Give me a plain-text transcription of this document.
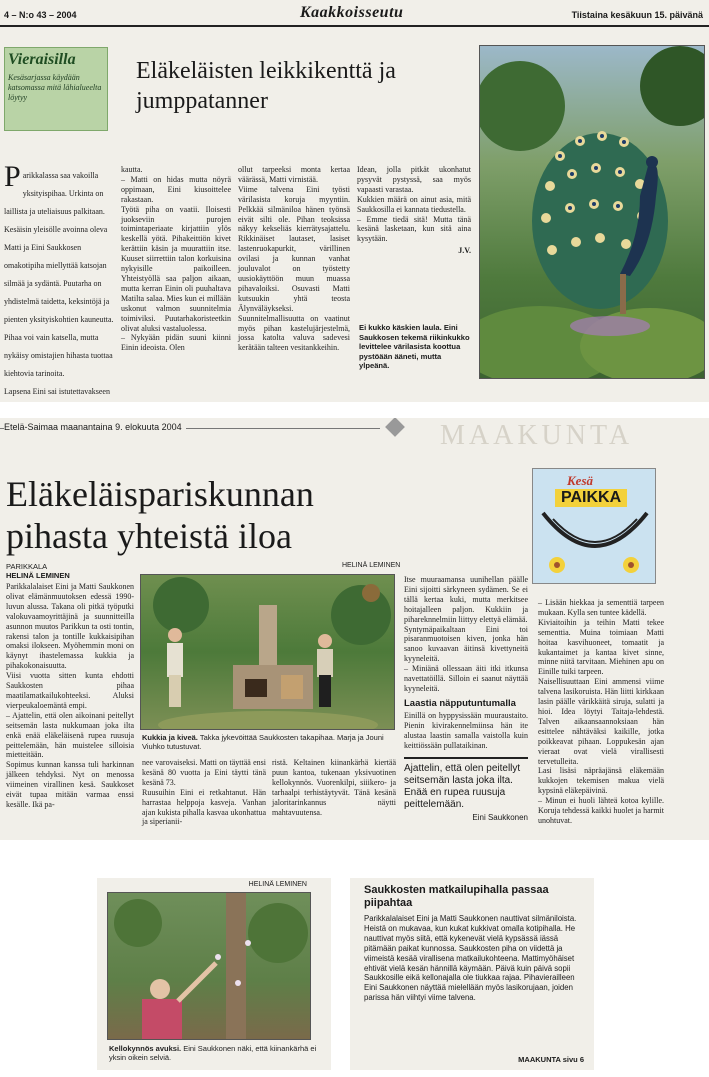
4 – N:o 43 – 2004	Kaakkoisseutu	Tiistaina kesäkuun 15. päivänä
Vieraisilla
Kesäsarjassa käydään katsomassa mitä lähialueelta löytyy
Eläkeläisten leikkikenttä ja jumppatanner
P arikkalassa saa vakoilla yksityispihaa. Urkinta on laillista ja uteliaisuus palkitaan. Kesäisin yleisölle avoinna oleva Matti ja Eini Saukkosen omakotipiha miellyttää katsojan silmää ja sydäntä. Puutarha on yhdistelmä taidetta, keksintöjä ja pienten yksityiskohtien kauneutta. Pihaa voi vain katsella, mutta nykäisy omistajien hihasta tuottaa kiehtovia tarinoita.
Lapsena Eini sai istutettavakseen
kautta.
– Matti on hidas mutta nöyrä oppimaan, Eini kiusoittelee rakastaan.
Työtä piha on vaatii. Iloisesti juokseviin purojen toimintaperiaate kirjattiin ylös keskellä yötä. Pihakeittiön kivet kerättiin käsin ja muurattiin itse. Kuuset siirrettiin talon korkuisina nykyisille paikoilleen. Yhteistyöllä saa paljon aikaan, mutta kerran Einin oli puuhaltava Matilta salaa. Mies kun ei millään uskonut valmon suunnitelmia toimiviksi. Puutarhakoristeetkin olivat aluksi vastaluolessa.
– Nykyään pidän suuni kiinni Einin ideoista. Olen
ollut tarpeeksi monta kertaa väärässä, Matti virnistää.
Viime talvena Eini työsti värilasista koruja myyntiin. Pelkkää silmäniloa hänen työnsä eivät silti ole. Pihan teoksissa näkyy kekseliäs kierrätysajattelu. Rikkinäiset lautaset, lasiset lastenruokapurkit, värillinen ovilasi ja kunnan vanhat jouluvalot on työstetty uusiokäyttöön muun muassa pihavaloiksi. Osuvasti Matti kutsuukin yhtä teosta Älynväläykseksi.
Suunnitelmallisuutta on vaatinut myös pihan kastelujärjestelmä, jossa katolta valuva sadevesi kerätään talteen vesitankkeihin.
Idean, jolla pitkät ukonhatut pysyvät pystyssä, saa myös vapaasti varastaa.
Kukkien määrä on ainut asia, mitä Saukkosilla ei kannata tiedustella.
– Emme tiedä sitä! Mutta tänä kesänä lasketaan, kun sitä aina kysytään.
J.V.
Ei kukko käskien laula. Eini Saukkosen tekemä riikinkukko levittelee värilasista koottua pystöään ääneti, mutta ylpeänä.
Etelä-Saimaa maanantaina 9. elokuuta 2004	MAAKUNTA
Eläkeläispariskunnan
pihasta yhteistä iloa
Kesä
PAIKKA
PARIKKALA
HELINÄ LEMINEN
Parikkalalaiset Eini ja Matti Saukkonen olivat elämänmuutoksen edessä 1990-luvun alussa. Takana oli pitkä työputki valokuvaamoyrittäjinä ja suunnitteilla asunnon muutos Parikkun ta osti tontin, rakensi talon ja tontille kukkaisipihan omaksi ilokseen. Myöhemmin moni on käynyt ihastelemassa kukkia ja pihakokonaisuutta.
Viisi vuotta sitten kunta ehdotti Saukkosten pihaa maatilamatkailukohteeksi. Aluksi vierpeukaloemäntä empi.
– Ajattelin, että olen aikoinani peitellyt seitsemän lasta nukkumaan joka ilta enkä enää eläkeläisenä rupea ruusuja peittelemään, hän muistelee silloisia mietteitään.
Sopimus kunnan kanssa tuli harkinnan jälkeen tehdyksi. Nyt on menossa viimeinen virallinen kesä. Saukkoset eivät tupaa mitään varmaa enssi kesälle. Ikä pa-
HELINÄ LEMINEN
Kukkia ja kiveä. Takka jykevöittää Saukkosten takapihaa. Marja ja Jouni Viuhko tutustuvat.
nee varovaiseksi. Matti on täyttää ensi kesänä 80 vuotta ja Eini täytti tänä kesänä 73.
Ruusuihin Eini ei retkahtanut. Hän harrastaa helppoja kasveja. Vanhan ajan kukista pihalla kasvaa ukonhattua ja siperianii-
ristä. Keltainen kiinankärhä kiertää puun kantoa, tukenaan yksivuotinen kellokynnös. Vuorenkilpi, siiikero- ja tarhaalpi terhistäytyvät. Tänä kesänä jaloritarinkannus näytti mahtavuutensa.
Itse muuraamansa uunihellan päälle Eini sijoitti särkyneen sydämen. Se ei tällä kertaa kuki, mutta merkitsee hoitajalleen paljon. Kukkiin ja pihareknnelmiin liittyy elettyä elämää.
Syntymäpaikaltaan Eini toi pisaranmuotoisen kiven, jonka hän sanoo kuvaavan äitinsä kivettyneitä kyyneleitä.
– Miniänä ollessaan äiti itki itkunsa navettatöillä. Silloin ei saanut näyttää kyyneleitä.
Laastia näpputuntumalla
Einillä on hyppysissään muuraustaito. Pienin kivirakennelmiinsa hän ite alustaa laastin samalla vaistolla kuin keittiössään pullataikinan.
Ajattelin, että olen peitellyt seitsemän lasta joka ilta. Enää en rupea ruusuja peittelemään.
Eini Saukkonen
– Lisään hiekkaa ja sementtiä tarpeen mukaan. Kylla sen tuntee kädellä.
Kiviaitoihin ja teihin Matti tekee sementtia. Muina toimiaan Matti hoitaa kasvihuoneet, tomaatit ja kukantaimet ja kantaa kivet sinne, minne niitä tarvitaan. Miehinen apu on Einille tuiki tarpeen.
Naisellisuuttaan Eini ammensi viime talvena lasikoruista. Hän liitti kirkkaan lasin päälle värikkäitä siruja, sulatti ja hioi. Idea löytyi Taitaja-lehdestä. Talven aikaansaannoksiaan hän esittelee nähtäväksi kaikille, jotka poikkeavat pihaan. Loppukesän ajan vieraat ovat vielä virallisesti tervetulleita.
Lasi lisäsi näpräajänsä eläkemään kukkojen tekemisen makua vielä kypsinä eläkepäivinä.
– Minun ei huoli lähteä kotoa kylille. Koruja tehdessä kaikki huolet ja harmit unohtuvat.
HELINÄ LEMINEN
Kellokynnös avuksi. Eini Saukkonen näki, että kiinankärhä ei yksin oikein selviä.
Saukkosten matkailupihalla passaa piipahtaa
Parikkalalaiset Eini ja Matti Saukkonen nauttivat silmäniloista. Heistä on mukavaa, kun kukat kukkivat omalla kotipihalla. He nauttivat myös siitä, että kykenevät vielä kypsässä iässä pitämään paikat kunnossa. Saukkosten piha on viidettä ja viimeistä kesää virallisena matkailukohteena. Mattimyöhäiset ehtivät vielä kesän hännillä käymään. Päivä kuin päivä sopii Saukkosille eikä kellonajalla ole tiukkaa rajaa. Pihavierailleen Eini Saukkonen näyttää mielellään myös lasikorujaan, joiden parissa hän viihtyi viime talvena.
MAAKUNTA sivu 6
